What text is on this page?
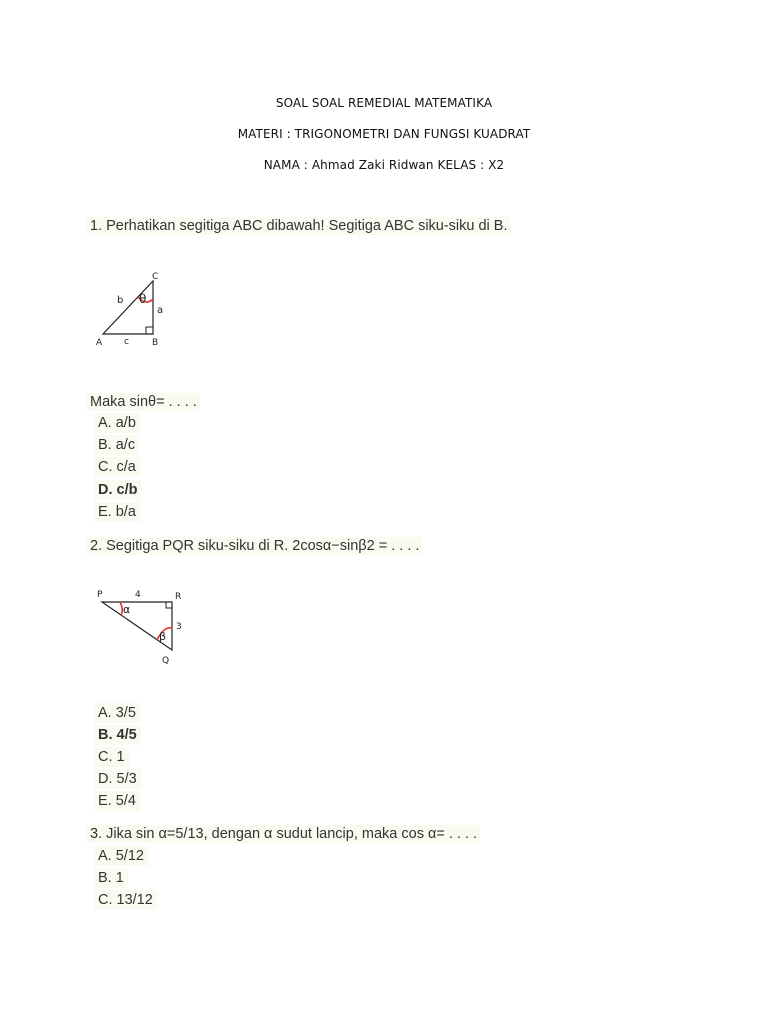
SOAL SOAL REMEDIAL MATEMATIKA
MATERI : TRIGONOMETRI DAN FUNGSI KUADRAT
NAMA : Ahmad Zaki Ridwan KELAS : X2
1. Perhatikan segitiga ABC dibawah! Segitiga ABC siku-siku di B.
C
b θ
a
A c	B
Maka sinθ= . . . .
A. a/b
B. a/c
C. c/a
D. c/b
E. b/a
2. Segitiga PQR siku-siku di R. 2cosα−sinβ2 = . . . .
P	4	R
α
3
β
Q
A. 3/5
B. 4/5
C. 1
D. 5/3
E. 5/4
3. Jika sin α=5/13, dengan α sudut lancip, maka cos α= . . . .
A. 5/12
B. 1
C. 13/12
